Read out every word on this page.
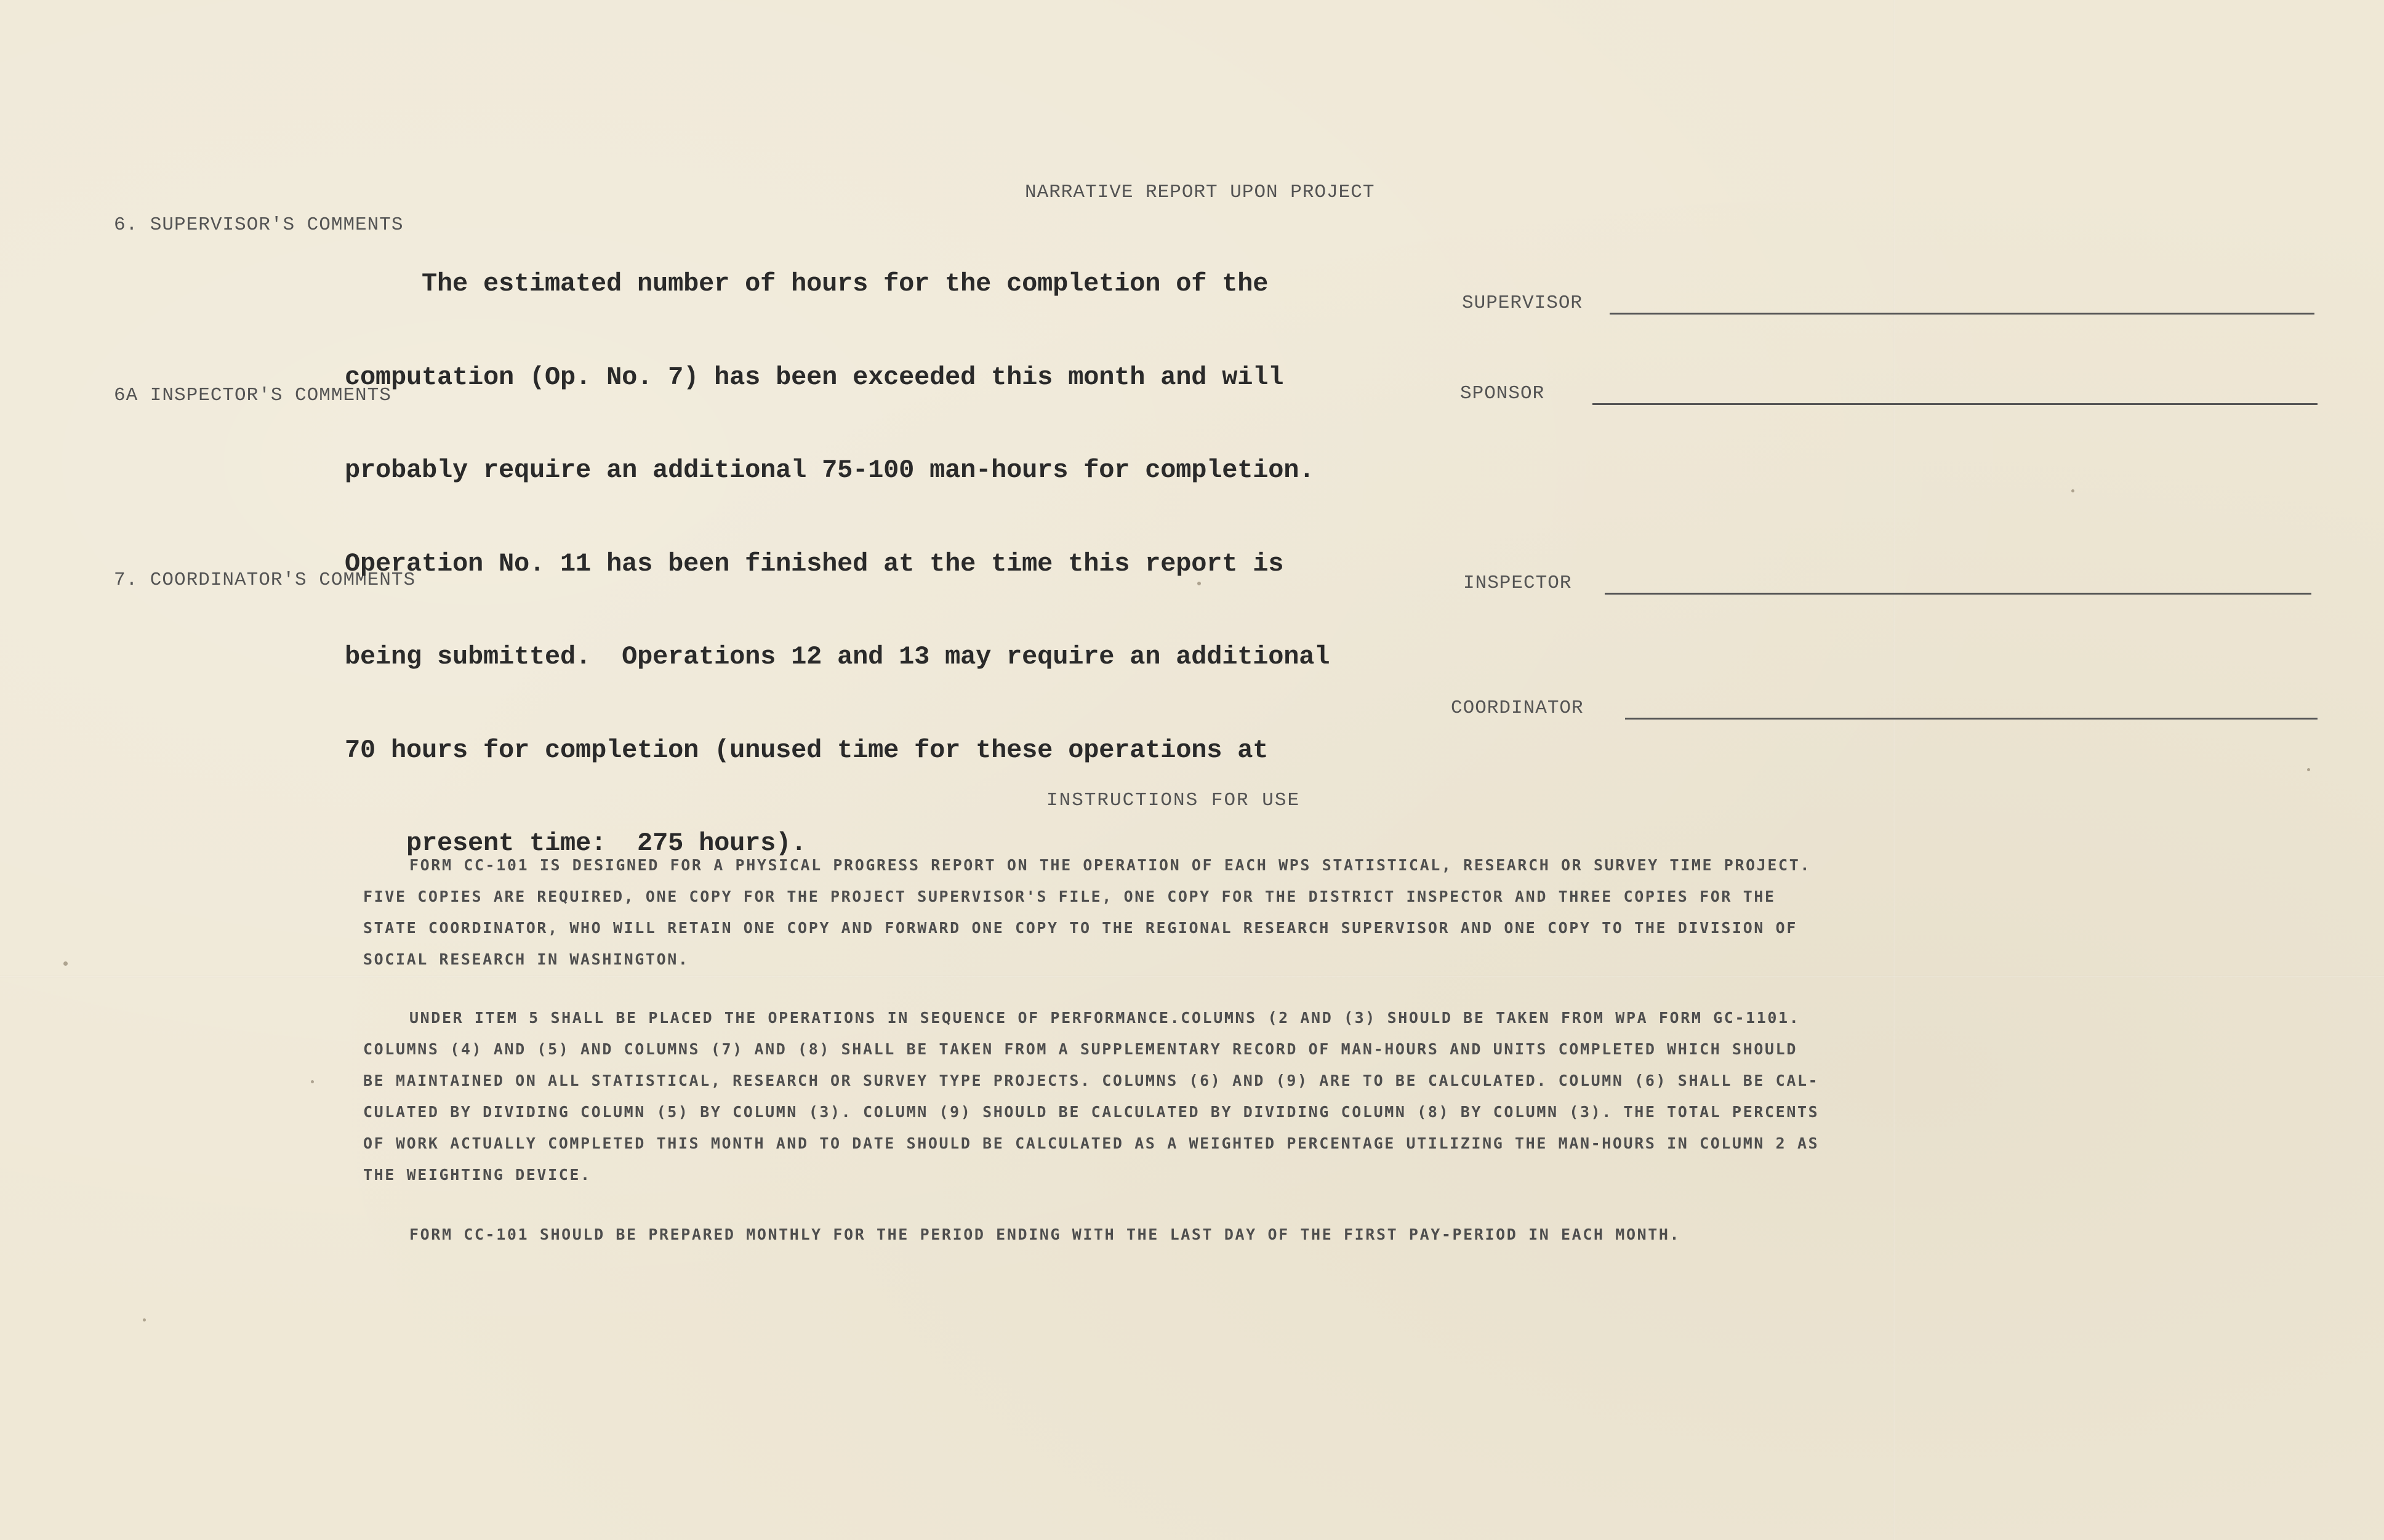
NARRATIVE REPORT UPON PROJECT
6. SUPERVISOR'S COMMENTS
6A INSPECTOR'S COMMENTS
7. COORDINATOR'S COMMENTS

The estimated number of hours for the completion of the

computation (Op. No. 7) has been exceeded this month and will

probably require an additional 75-100 man-hours for completion.

Operation No. 11 has been finished at the time this report is

being submitted.  Operations 12 and 13 may require an additional

70 hours for completion (unused time for these operations at

present time:  275 hours).

SUPERVISOR
SPONSOR
INSPECTOR
COORDINATOR
INSTRUCTIONS FOR USE
FORM CC-101 IS DESIGNED FOR A PHYSICAL PROGRESS REPORT ON THE OPERATION OF EACH WPS STATISTICAL, RESEARCH OR SURVEY TIME PROJECT.
FIVE COPIES ARE REQUIRED, ONE COPY FOR THE PROJECT SUPERVISOR'S FILE, ONE COPY FOR THE DISTRICT INSPECTOR AND THREE COPIES FOR THE
STATE COORDINATOR, WHO WILL RETAIN ONE COPY AND FORWARD ONE COPY TO THE REGIONAL RESEARCH SUPERVISOR AND ONE COPY TO THE DIVISION OF
SOCIAL RESEARCH IN WASHINGTON.
UNDER ITEM 5 SHALL BE PLACED THE OPERATIONS IN SEQUENCE OF PERFORMANCE.COLUMNS (2 AND (3) SHOULD BE TAKEN FROM WPA FORM GC-1101.
COLUMNS (4) AND (5) AND COLUMNS (7) AND (8) SHALL BE TAKEN FROM A SUPPLEMENTARY RECORD OF MAN-HOURS AND UNITS COMPLETED WHICH SHOULD
BE MAINTAINED ON ALL STATISTICAL, RESEARCH OR SURVEY TYPE PROJECTS. COLUMNS (6) AND (9) ARE TO BE CALCULATED. COLUMN (6) SHALL BE CAL-
CULATED BY DIVIDING COLUMN (5) BY COLUMN (3). COLUMN (9) SHOULD BE CALCULATED BY DIVIDING COLUMN (8) BY COLUMN (3). THE TOTAL PERCENTS
OF WORK ACTUALLY COMPLETED THIS MONTH AND TO DATE SHOULD BE CALCULATED AS A WEIGHTED PERCENTAGE UTILIZING THE MAN-HOURS IN COLUMN 2 AS
THE WEIGHTING DEVICE.
FORM CC-101 SHOULD BE PREPARED MONTHLY FOR THE PERIOD ENDING WITH THE LAST DAY OF THE FIRST PAY-PERIOD IN EACH MONTH.
